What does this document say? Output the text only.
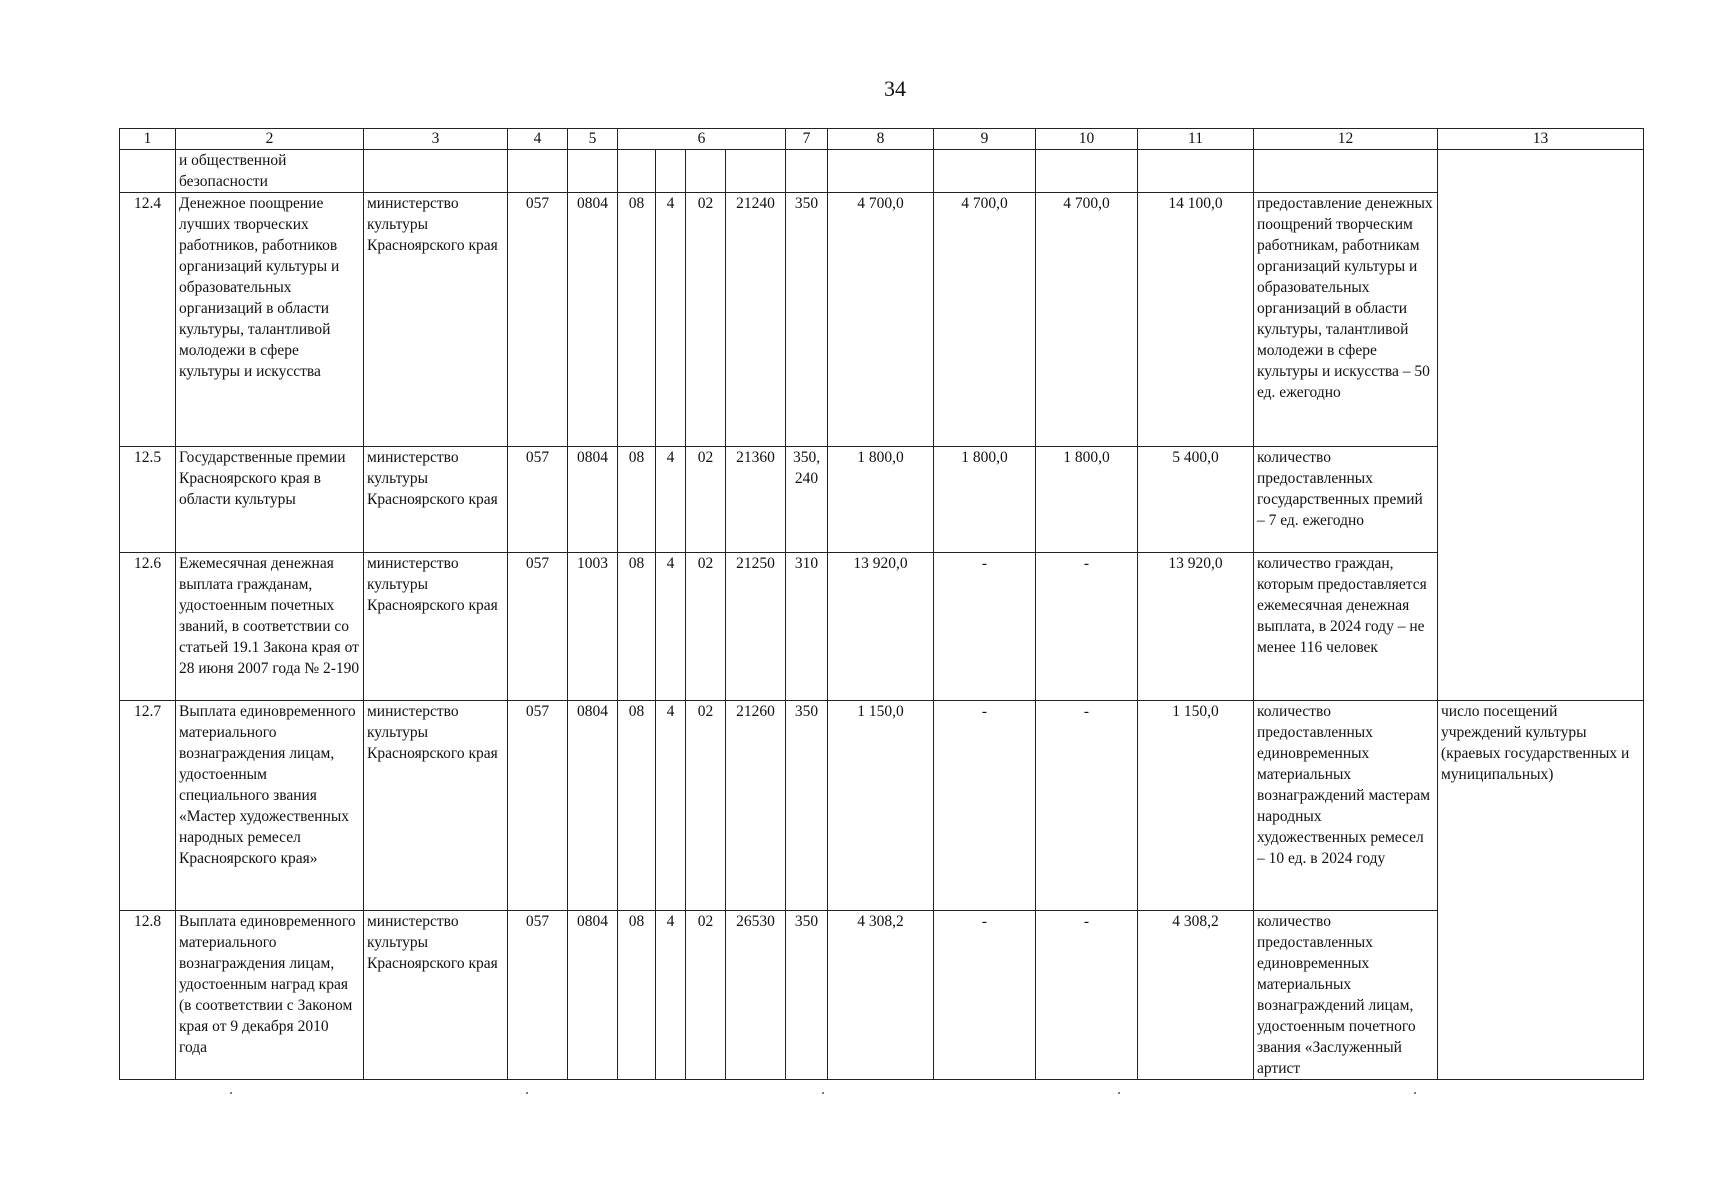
34
1	2	3	4	5	6				7	8	9	10	11	12	13
	и общественной безопасности														
12.4	Денежное поощрение лучших творческих работников, работников организаций культуры и образовательных организаций в области культуры, талантливой молодежи в сфере культуры и искусства	министерство культуры Красноярского края	057	0804	08	4	02	21240	350	4 700,0	4 700,0	4 700,0	14 100,0	предоставление денежных поощрений творческим работникам, работникам организаций культуры и образовательных организаций в области культуры, талантливой молодежи в сфере культуры и искусства – 50 ед. ежегодно	
12.5	Государственные премии Красноярского края в области культуры	министерство культуры Красноярского края	057	0804	08	4	02	21360	350, 240	1 800,0	1 800,0	1 800,0	5 400,0	количество предоставленных государственных премий – 7 ед. ежегодно	
12.6	Ежемесячная денежная выплата гражданам, удостоенным почетных званий, в соответствии со статьей 19.1 Закона края от 28 июня 2007 года № 2-190	министерство культуры Красноярского края	057	1003	08	4	02	21250	310	13 920,0	-	-	13 920,0	количество граждан, которым предоставляется ежемесячная денежная выплата, в 2024 году – не менее 116 человек	
12.7	Выплата единовременного материального вознаграждения лицам, удостоенным специального звания «Мастер художественных народных ремесел Красноярского края»	министерство культуры Красноярского края	057	0804	08	4	02	21260	350	1 150,0	-	-	1 150,0	количество предоставленных единовременных материальных вознаграждений мастерам народных художественных ремесел – 10 ед. в 2024 году	число посещений учреждений культуры (краевых государственных и муниципальных)
12.8	Выплата единовременного материального вознаграждения лицам, удостоенным наград края (в соответствии с Законом края от 9 декабря 2010 года	министерство культуры Красноярского края	057	0804	08	4	02	26530	350	4 308,2	-	-	4 308,2	количество предоставленных единовременных материальных вознаграждений лицам, удостоенным почетного звания «Заслуженный артист	
